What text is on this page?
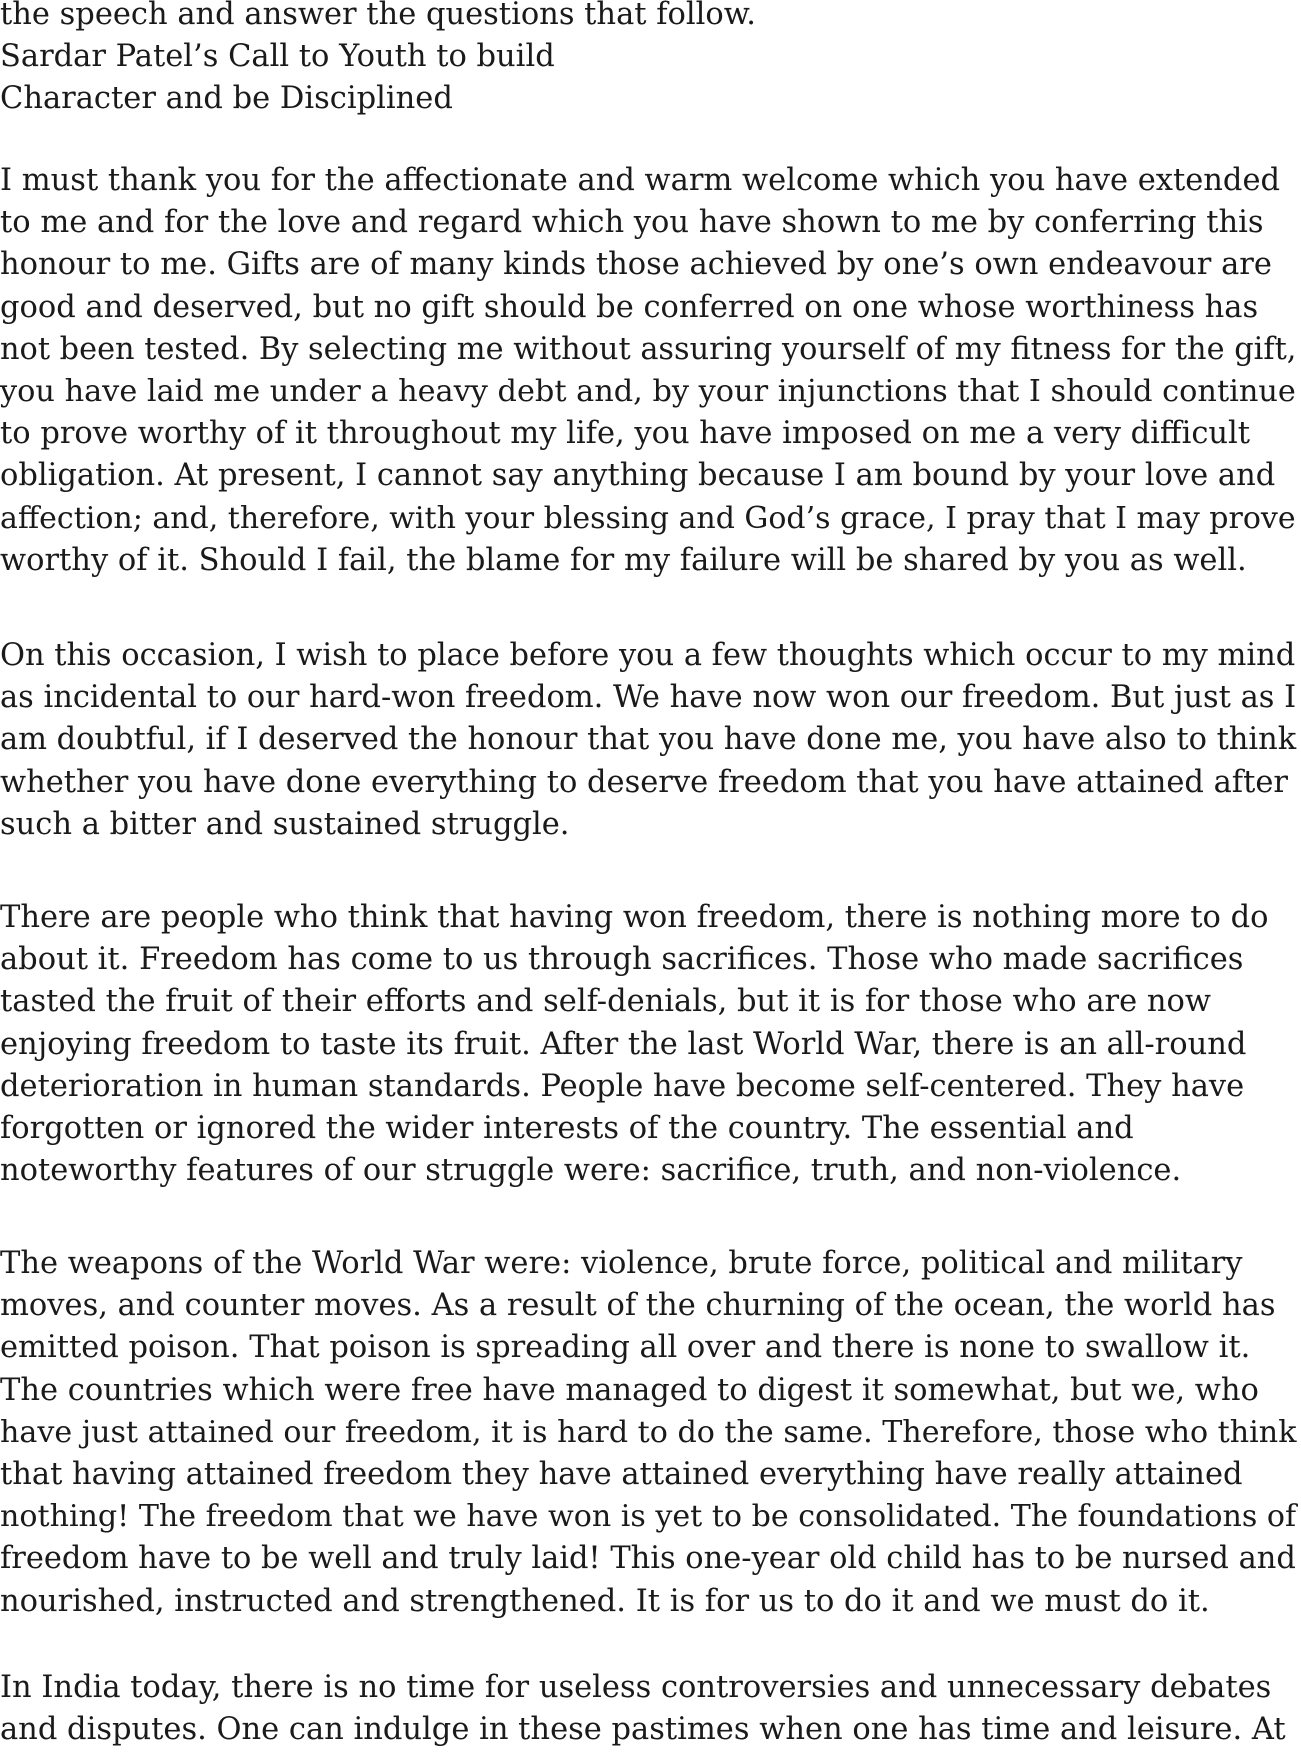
the speech and answer the questions that follow.
Sardar Patel’s Call to Youth to build
Character and be Disciplined
I must thank you for the affectionate and warm welcome which you have extended
to me and for the love and regard which you have shown to me by conferring this
honour to me. Gifts are of many kinds those achieved by one’s own endeavour are
good and deserved, but no gift should be conferred on one whose worthiness has
not been tested. By selecting me without assuring yourself of my fitness for the gift,
you have laid me under a heavy debt and, by your injunctions that I should continue
to prove worthy of it throughout my life, you have imposed on me a very difficult
obligation. At present, I cannot say anything because I am bound by your love and
affection; and, therefore, with your blessing and God’s grace, I pray that I may prove
worthy of it. Should I fail, the blame for my failure will be shared by you as well.
On this occasion, I wish to place before you a few thoughts which occur to my mind
as incidental to our hard-won freedom. We have now won our freedom. But just as I
am doubtful, if I deserved the honour that you have done me, you have also to think
whether you have done everything to deserve freedom that you have attained after
such a bitter and sustained struggle.
There are people who think that having won freedom, there is nothing more to do
about it. Freedom has come to us through sacrifices. Those who made sacrifices
tasted the fruit of their efforts and self-denials, but it is for those who are now
enjoying freedom to taste its fruit. After the last World War, there is an all-round
deterioration in human standards. People have become self-centered. They have
forgotten or ignored the wider interests of the country. The essential and
noteworthy features of our struggle were: sacrifice, truth, and non-violence.
The weapons of the World War were: violence, brute force, political and military
moves, and counter moves. As a result of the churning of the ocean, the world has
emitted poison. That poison is spreading all over and there is none to swallow it.
The countries which were free have managed to digest it somewhat, but we, who
have just attained our freedom, it is hard to do the same. Therefore, those who think
that having attained freedom they have attained everything have really attained
nothing! The freedom that we have won is yet to be consolidated. The foundations of
freedom have to be well and truly laid! This one-year old child has to be nursed and
nourished, instructed and strengthened. It is for us to do it and we must do it.
In India today, there is no time for useless controversies and unnecessary debates
and disputes. One can indulge in these pastimes when one has time and leisure. At
